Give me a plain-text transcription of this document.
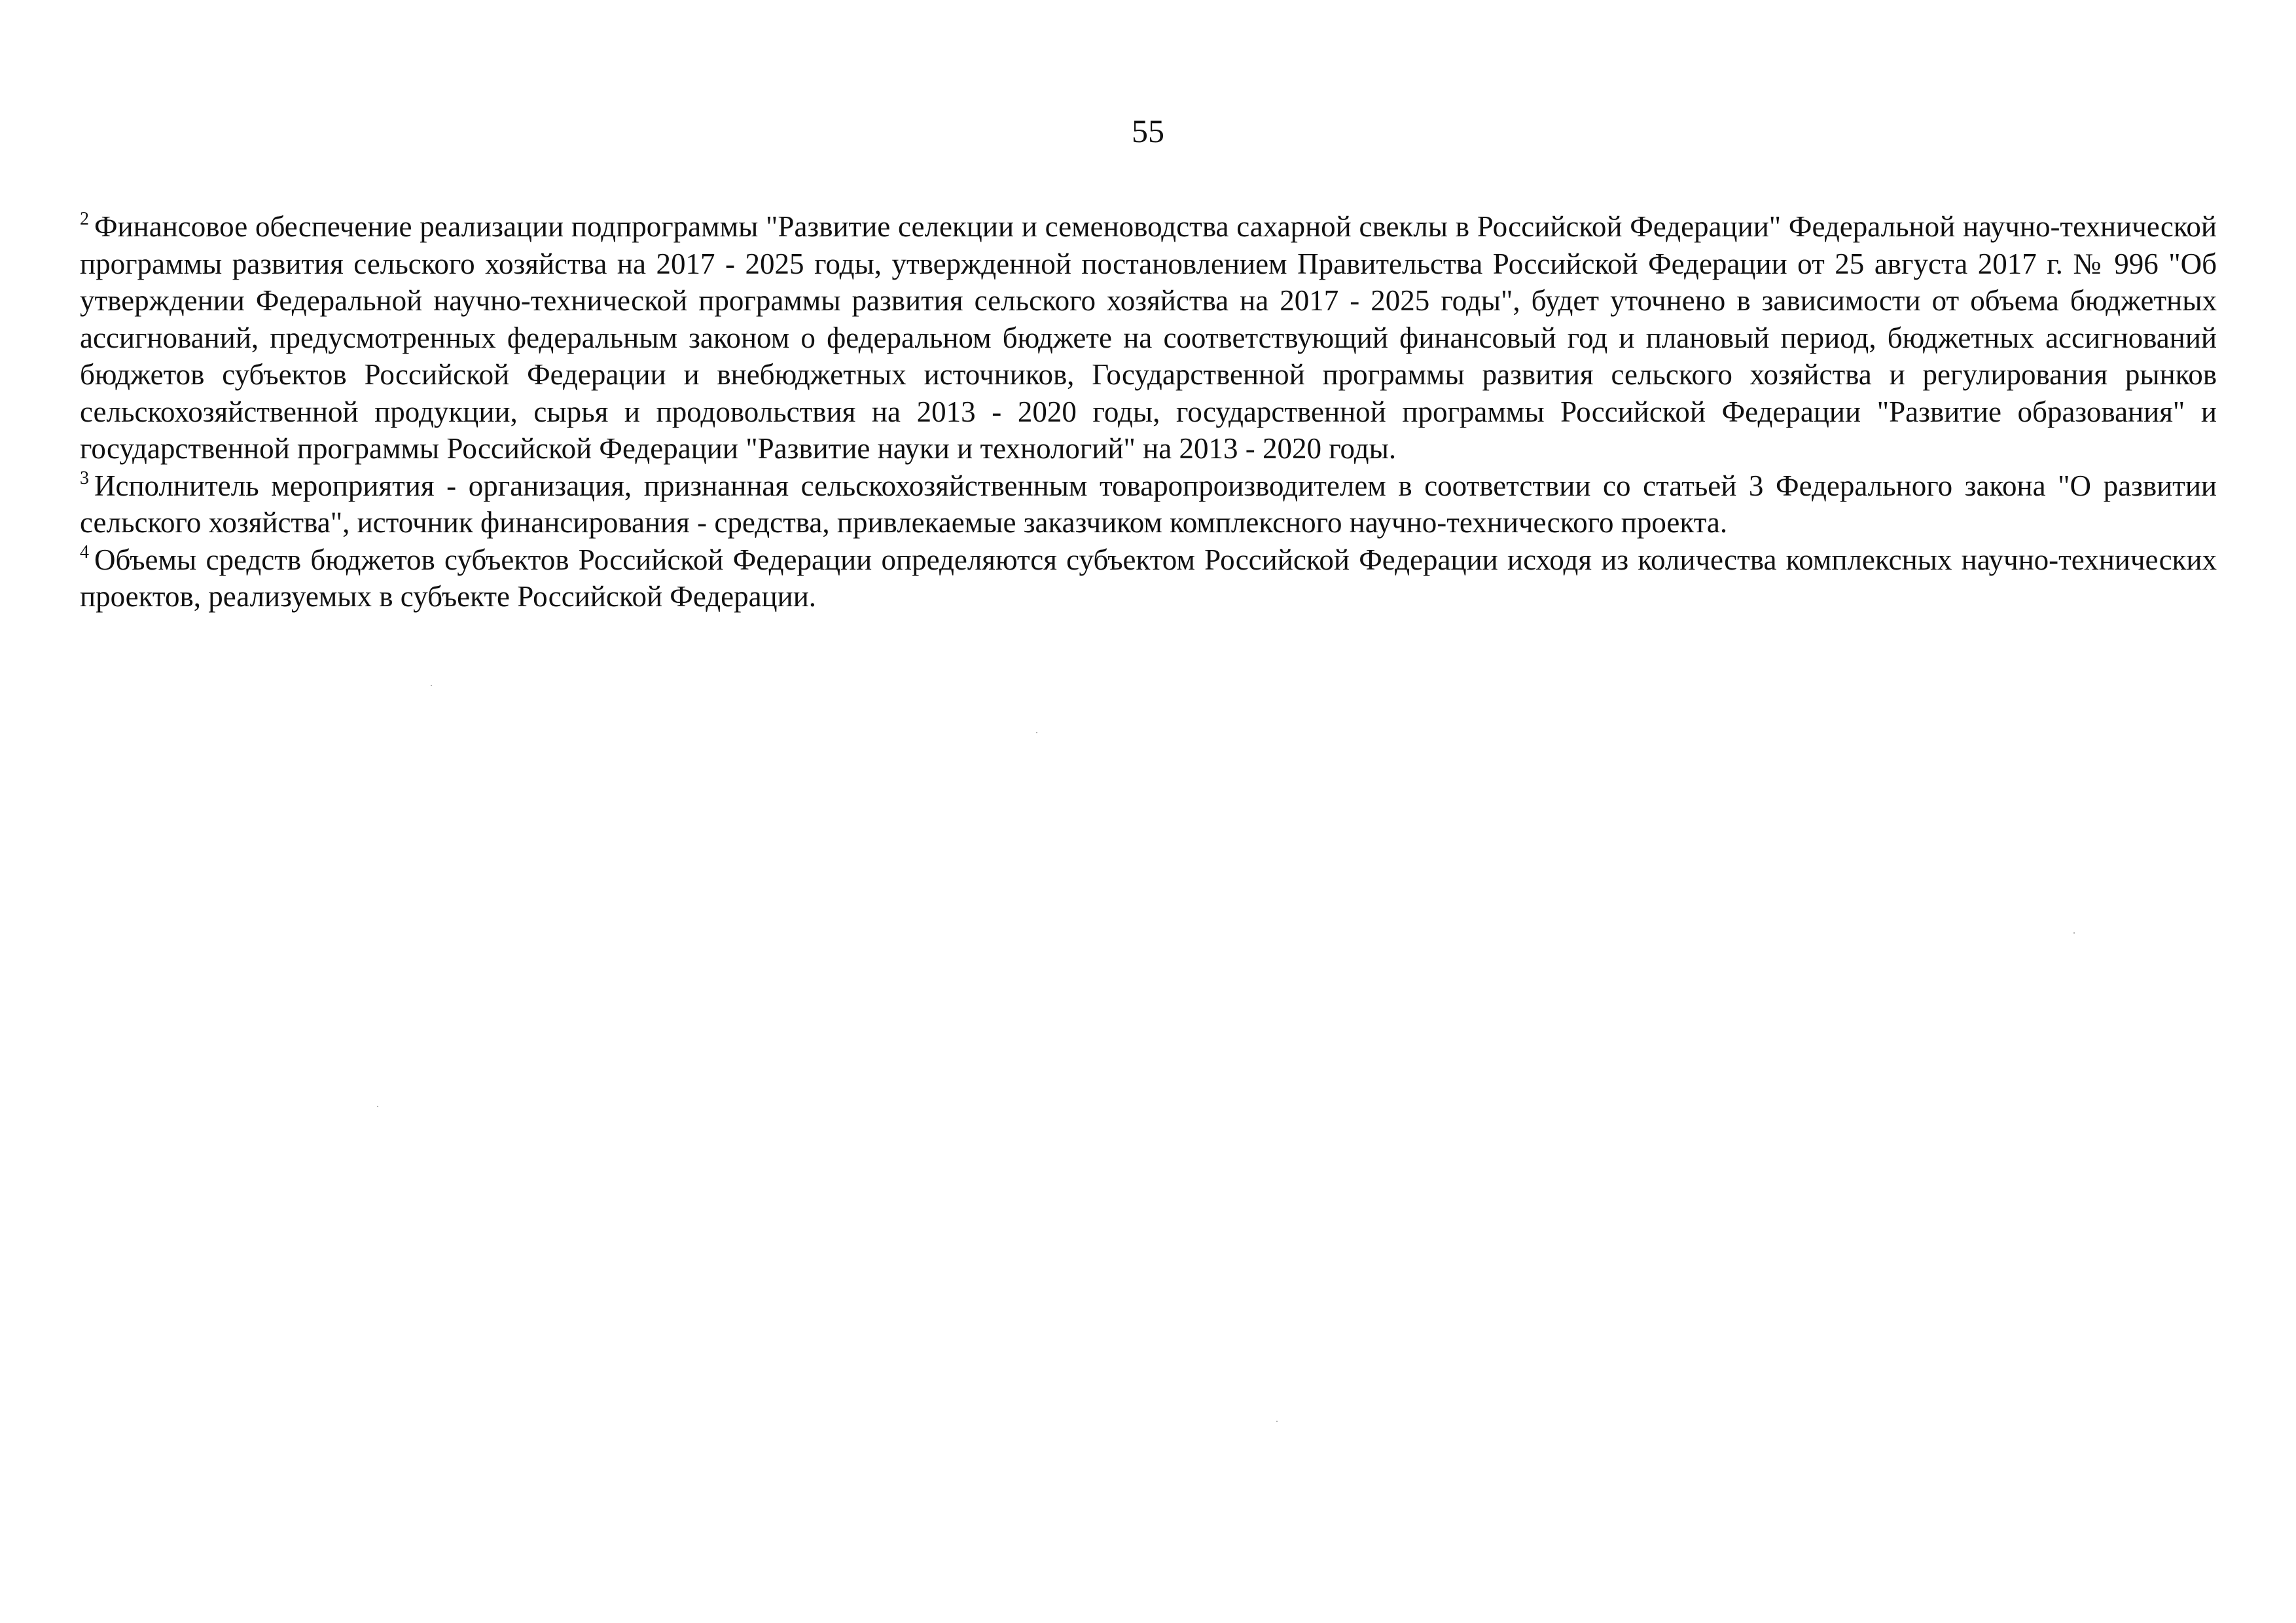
55

$^2$ Финансовое обеспечение реализации подпрограммы "Развитие селекции и семеноводства сахарной свеклы в Российской Федерации" Федеральной научно-технической программы развития сельского хозяйства на 2017 - 2025 годы, утвержденной постановлением Правительства Российской Федерации от 25 августа 2017 г. № 996 "Об утверждении Федеральной научно-технической программы развития сельского хозяйства на 2017 - 2025 годы", будет уточнено в зависимости от объема бюджетных ассигнований, предусмотренных федеральным законом о федеральном бюджете на соответствующий финансовый год и плановый период, бюджетных ассигнований бюджетов субъектов Российской Федерации и внебюджетных источников, Государственной программы развития сельского хозяйства и регулирования рынков сельскохозяйственной продукции, сырья и продовольствия на 2013 - 2020 годы, государственной программы Российской Федерации "Развитие образования" и государственной программы Российской Федерации "Развитие науки и технологий" на 2013 - 2020 годы.

$^3$ Исполнитель мероприятия - организация, признанная сельскохозяйственным товаропроизводителем в соответствии со статьей 3 Федерального закона "О развитии сельского хозяйства", источник финансирования - средства, привлекаемые заказчиком комплексного научно-технического проекта.

$^4$ Объемы средств бюджетов субъектов Российской Федерации определяются субъектом Российской Федерации исходя из количества комплексных научно-технических проектов, реализуемых в субъекте Российской Федерации.
